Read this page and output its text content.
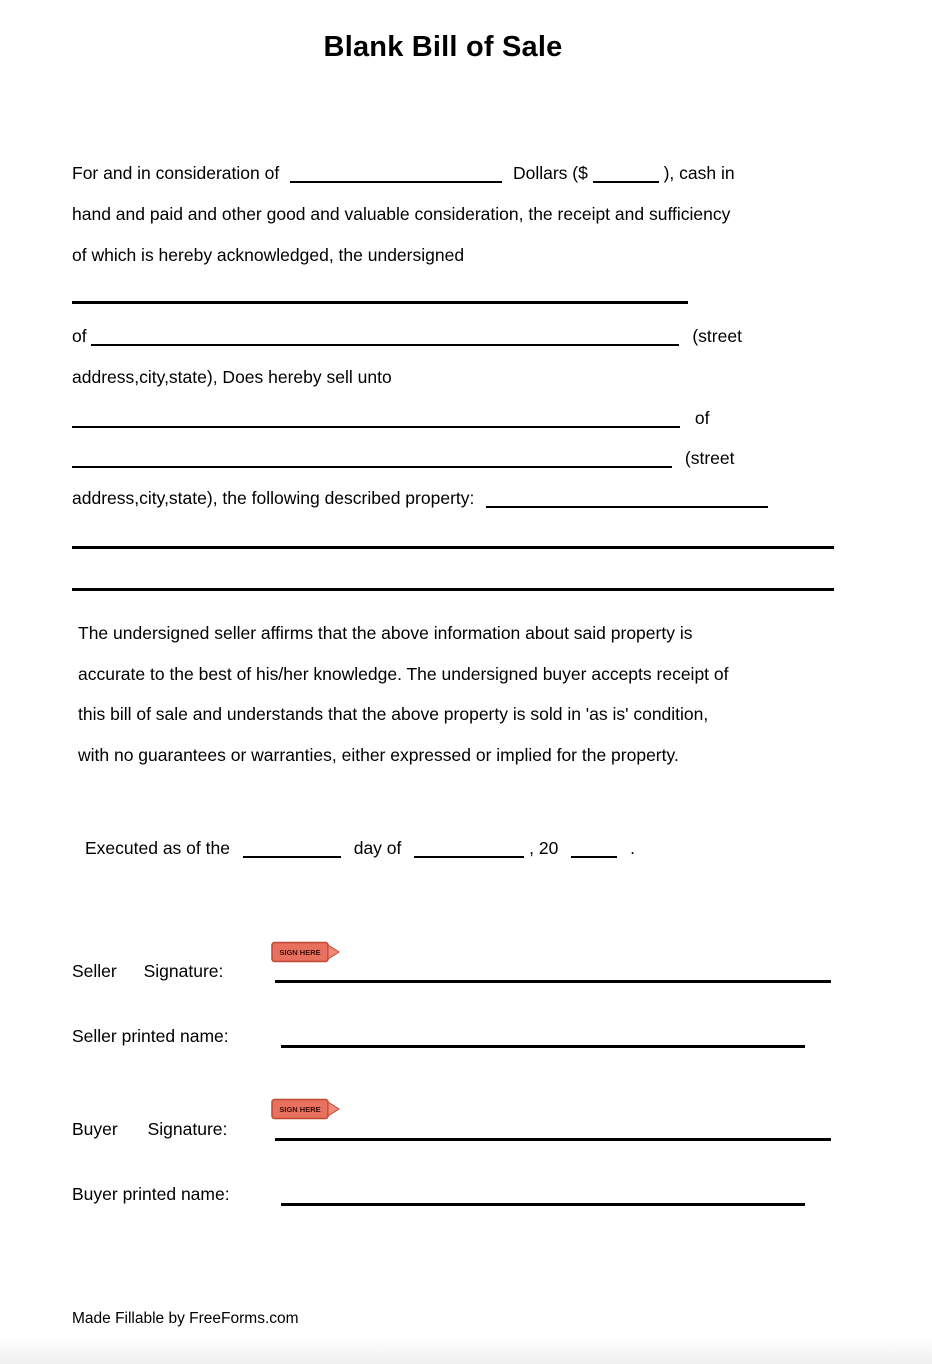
Blank Bill of Sale
For and in consideration of	Dollars ($	), cash in
hand and paid and other good and valuable consideration, the receipt and sufficiency
of which is hereby acknowledged, the undersigned
of	(street
address,city,state), Does hereby sell unto
of
(street
address,city,state), the following described property:
The undersigned seller affirms that the above information about said property is
accurate to the best of his/her knowledge. The undersigned buyer accepts receipt of
this bill of sale and understands that the above property is sold in 'as is' condition,
with no guarantees or warranties, either expressed or implied for the property.
Executed as of the	day of	, 20	.
SIGN HERE
Seller Signature:
Seller printed name:
SIGN HERE
Buyer Signature:
Buyer printed name:
Made Fillable by FreeForms.com
